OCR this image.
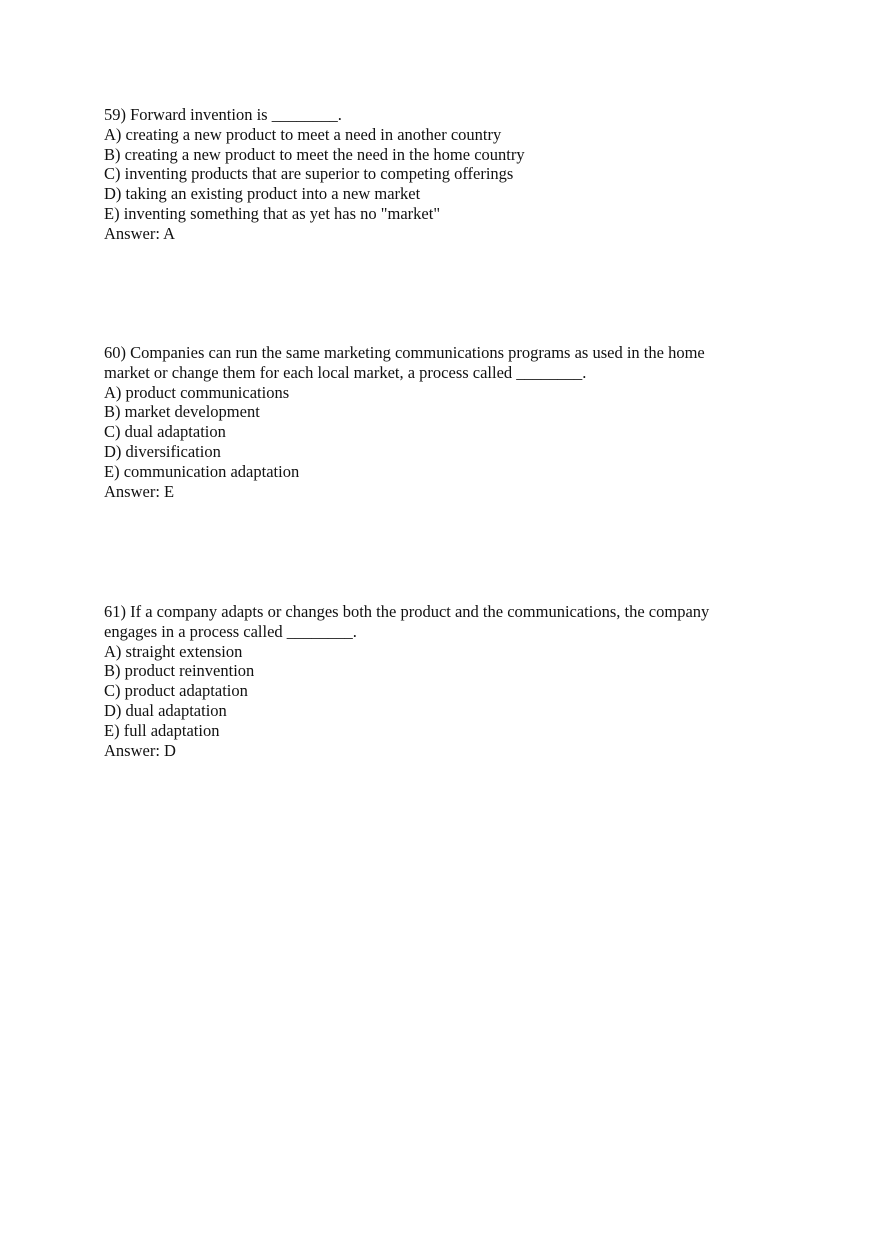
59) Forward invention is ________.
A) creating a new product to meet a need in another country
B) creating a new product to meet the need in the home country
C) inventing products that are superior to competing offerings
D) taking an existing product into a new market
E) inventing something that as yet has no "market"
Answer: A
60) Companies can run the same marketing communications programs as used in the home
market or change them for each local market, a process called ________.
A) product communications
B) market development
C) dual adaptation
D) diversification
E) communication adaptation
Answer: E
61) If a company adapts or changes both the product and the communications, the company
engages in a process called ________.
A) straight extension
B) product reinvention
C) product adaptation
D) dual adaptation
E) full adaptation
Answer: D
